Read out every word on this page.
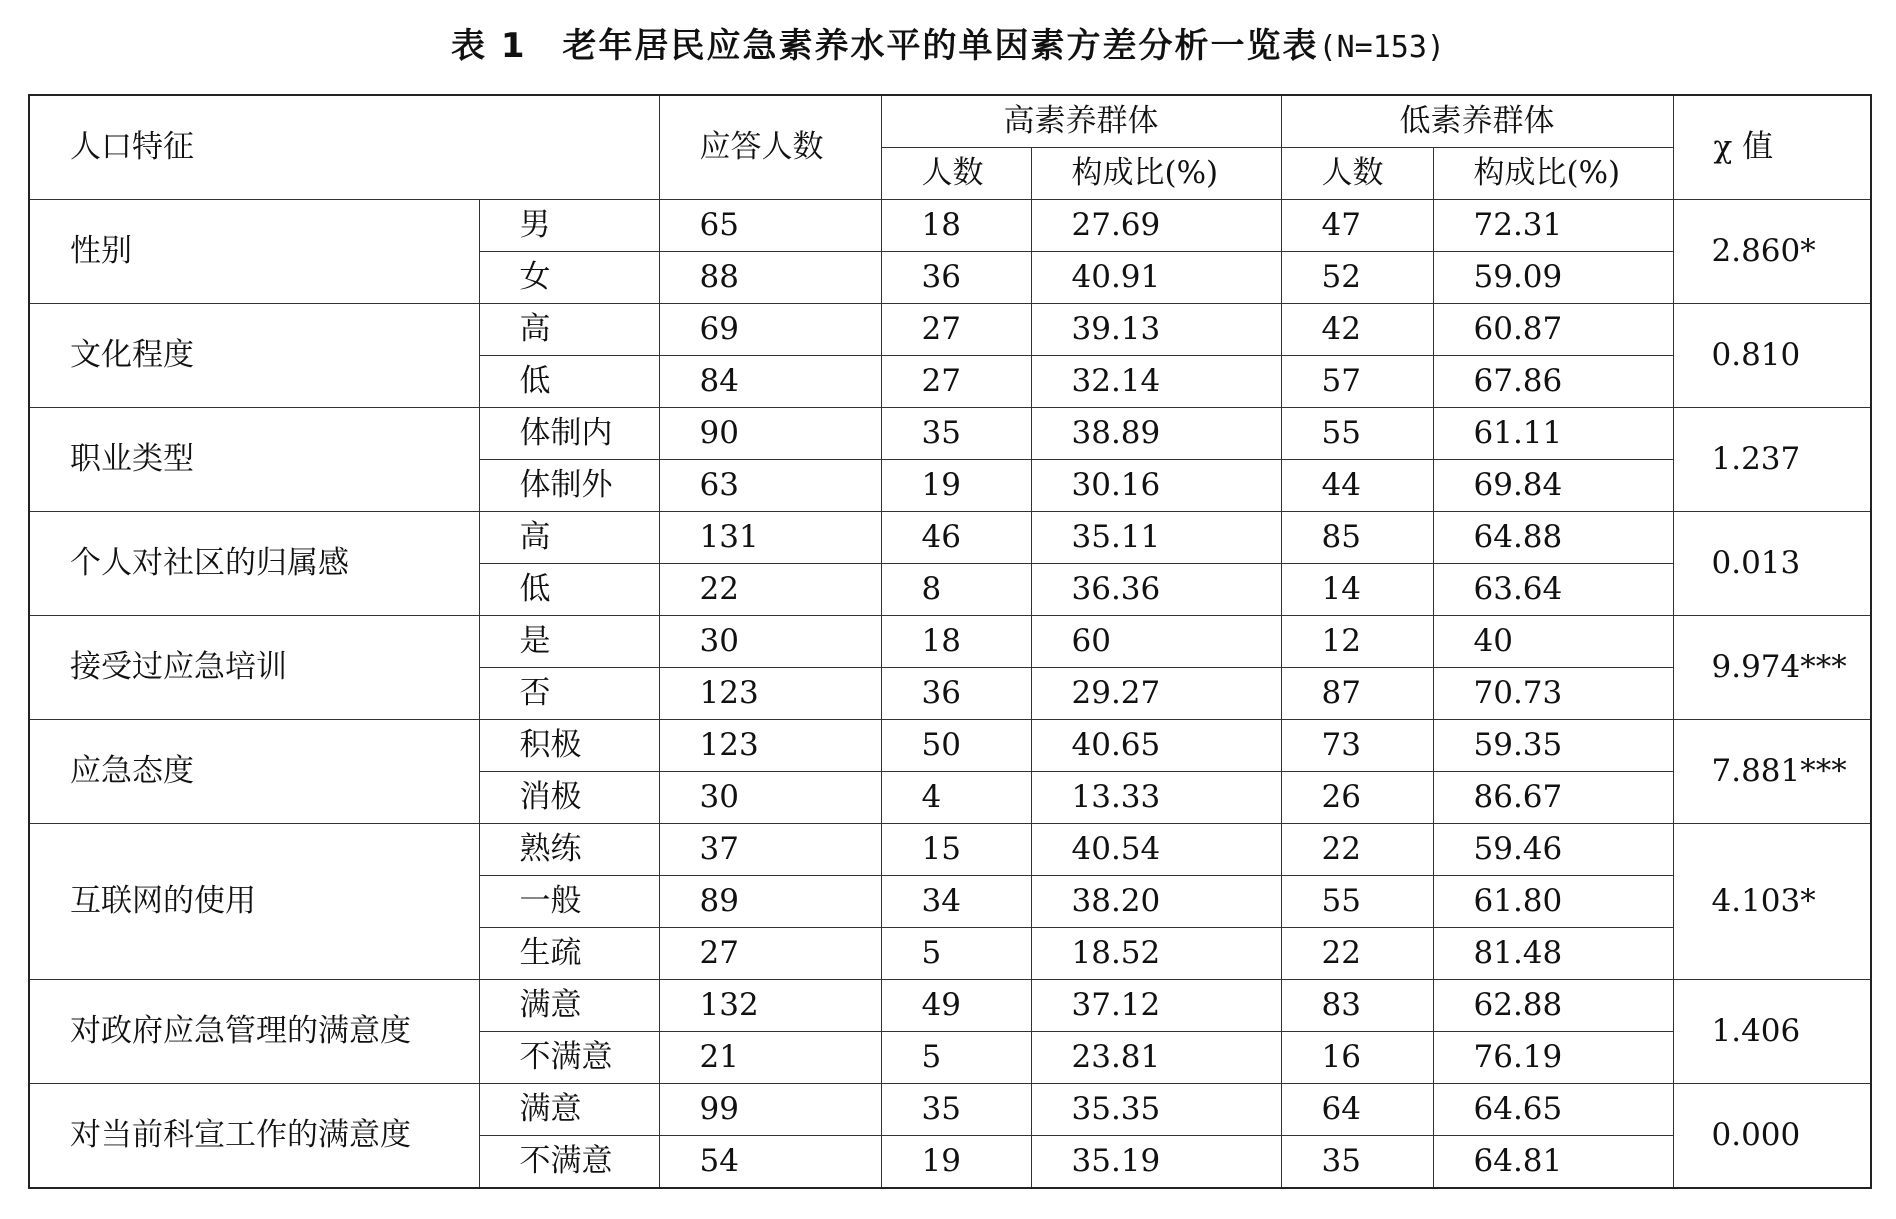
表 1　老年居民应急素养水平的单因素方差分析一览表(N=153)
人口特征		应答人数	高素养群体		低素养群体		χ 值
			人数	构成比(%)	人数	构成比(%)	
性别	男	65	18	27.69	47	72.31	2.860*
	女	88	36	40.91	52	59.09	
文化程度	高	69	27	39.13	42	60.87	0.810
	低	84	27	32.14	57	67.86	
职业类型	体制内	90	35	38.89	55	61.11	1.237
	体制外	63	19	30.16	44	69.84	
个人对社区的归属感	高	131	46	35.11	85	64.88	0.013
	低	22	8	36.36	14	63.64	
接受过应急培训	是	30	18	60	12	40	9.974***
	否	123	36	29.27	87	70.73	
应急态度	积极	123	50	40.65	73	59.35	7.881***
	消极	30	4	13.33	26	86.67	
互联网的使用	熟练	37	15	40.54	22	59.46	4.103*
	一般	89	34	38.20	55	61.80	
	生疏	27	5	18.52	22	81.48	
对政府应急管理的满意度	满意	132	49	37.12	83	62.88	1.406
	不满意	21	5	23.81	16	76.19	
对当前科宣工作的满意度	满意	99	35	35.35	64	64.65	0.000
	不满意	54	19	35.19	35	64.81	
